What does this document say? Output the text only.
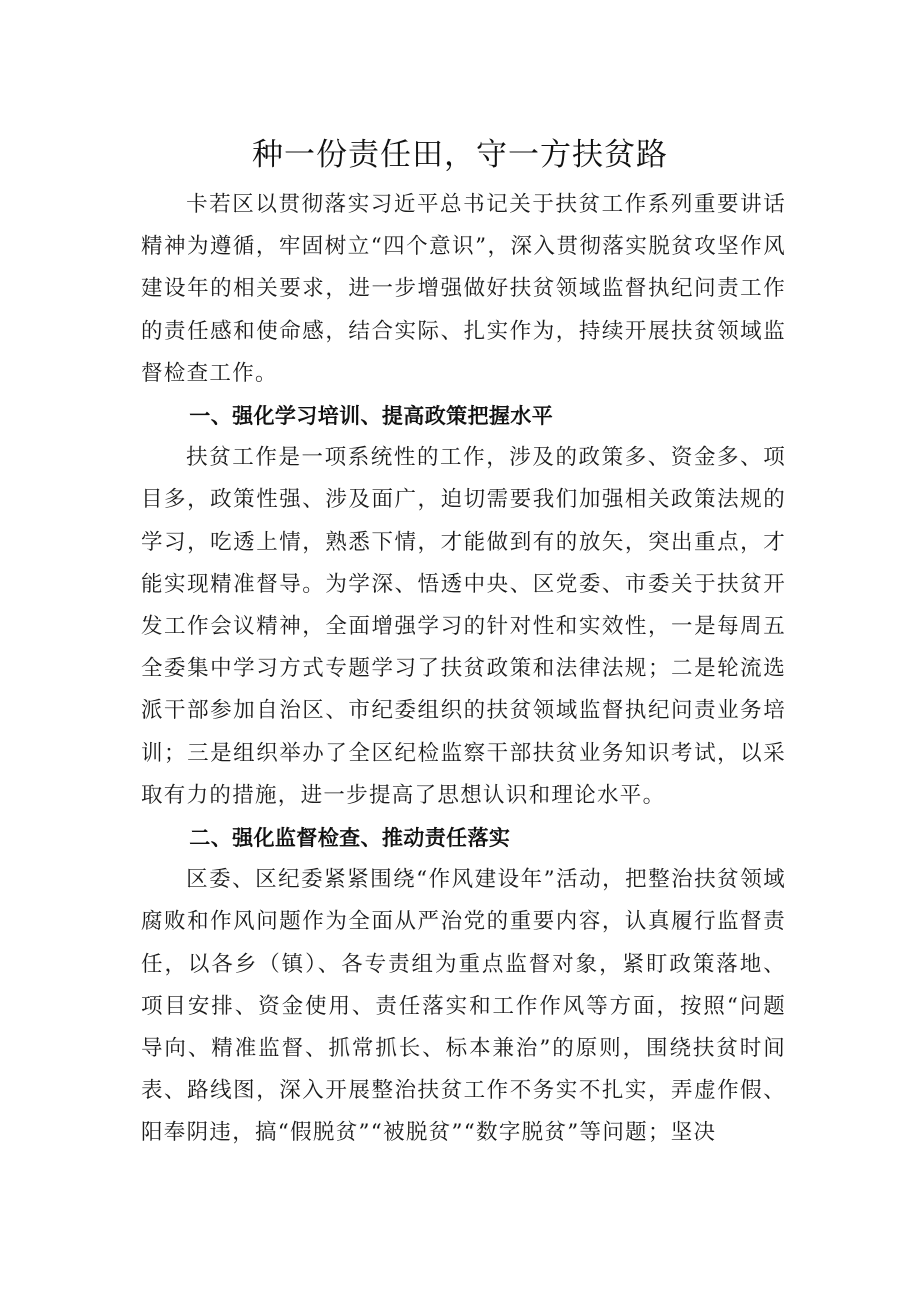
种一份责任田，守一方扶贫路

卡若区以贯彻落实习近平总书记关于扶贫工作系列重要讲话精神为遵循，牢固树立“四个意识”，深入贯彻落实脱贫攻坚作风建设年的相关要求，进一步增强做好扶贫领域监督执纪问责工作的责任感和使命感，结合实际、扎实作为，持续开展扶贫领域监督检查工作。

一、强化学习培训、提高政策把握水平

扶贫工作是一项系统性的工作，涉及的政策多、资金多、项目多，政策性强、涉及面广，迫切需要我们加强相关政策法规的学习，吃透上情，熟悉下情，才能做到有的放矢，突出重点，才能实现精准督导。为学深、悟透中央、区党委、市委关于扶贫开发工作会议精神，全面增强学习的针对性和实效性，一是每周五全委集中学习方式专题学习了扶贫政策和法律法规；二是轮流选派干部参加自治区、市纪委组织的扶贫领域监督执纪问责业务培训；三是组织举办了全区纪检监察干部扶贫业务知识考试，以采取有力的措施，进一步提高了思想认识和理论水平。

二、强化监督检查、推动责任落实

区委、区纪委紧紧围绕“作风建设年”活动，把整治扶贫领域腐败和作风问题作为全面从严治党的重要内容，认真履行监督责任，以各乡（镇）、各专责组为重点监督对象，紧盯政策落地、项目安排、资金使用、责任落实和工作作风等方面，按照“问题导向、精准监督、抓常抓长、标本兼治”的原则，围绕扶贫时间表、路线图，深入开展整治扶贫工作不务实不扎实，弄虚作假、阳奉阴违，搞“假脱贫”“被脱贫”“数字脱贫”等问题；坚决
